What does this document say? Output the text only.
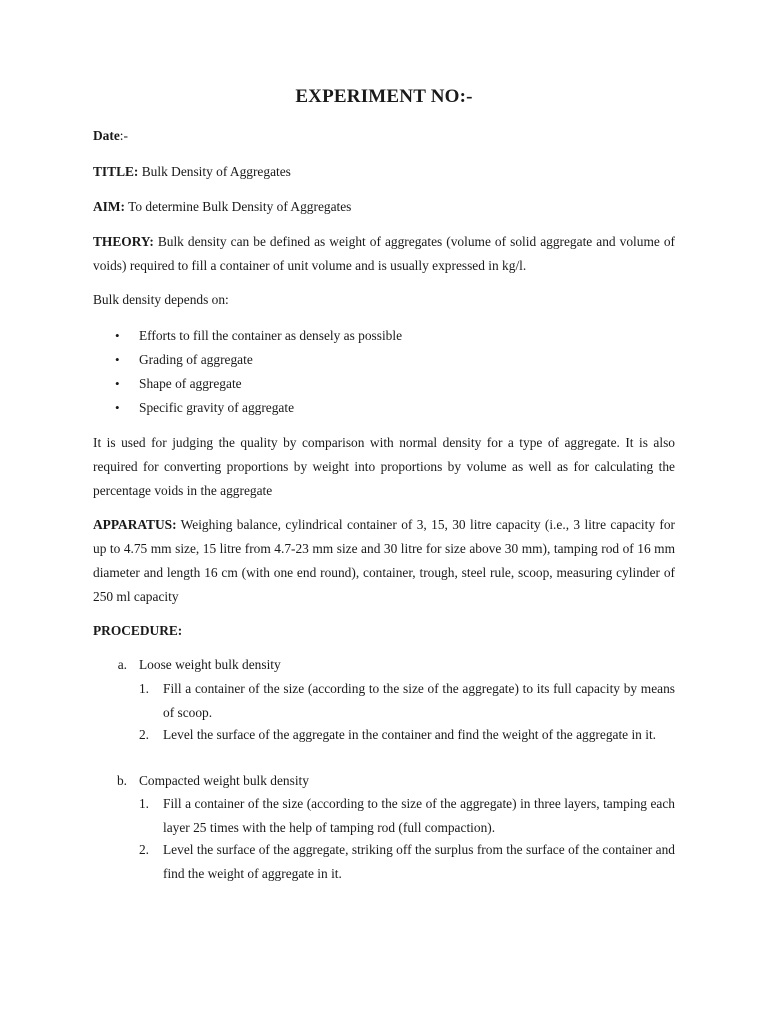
EXPERIMENT NO:-
Date:-
TITLE: Bulk Density of Aggregates
AIM: To determine Bulk Density of Aggregates
THEORY: Bulk density can be defined as weight of aggregates (volume of solid aggregate and volume of voids) required to fill a container of unit volume and is usually expressed in kg/l.
Bulk density depends on:
• Efforts to fill the container as densely as possible
• Grading of aggregate
• Shape of aggregate
• Specific gravity of aggregate
It is used for judging the quality by comparison with normal density for a type of aggregate. It is also required for converting proportions by weight into proportions by volume as well as for calculating the percentage voids in the aggregate
APPARATUS: Weighing balance, cylindrical container of 3, 15, 30 litre capacity (i.e., 3 litre capacity for up to 4.75 mm size, 15 litre from 4.7-23 mm size and 30 litre for size above 30 mm), tamping rod of 16 mm diameter and length 16 cm (with one end round), container, trough, steel rule, scoop, measuring cylinder of 250 ml capacity
PROCEDURE:
a. Loose weight bulk density
1. Fill a container of the size (according to the size of the aggregate) to its full capacity by means of scoop.
2. Level the surface of the aggregate in the container and find the weight of the aggregate in it.
b. Compacted weight bulk density
1. Fill a container of the size (according to the size of the aggregate) in three layers, tamping each layer 25 times with the help of tamping rod (full compaction).
2. Level the surface of the aggregate, striking off the surplus from the surface of the container and find the weight of aggregate in it.
